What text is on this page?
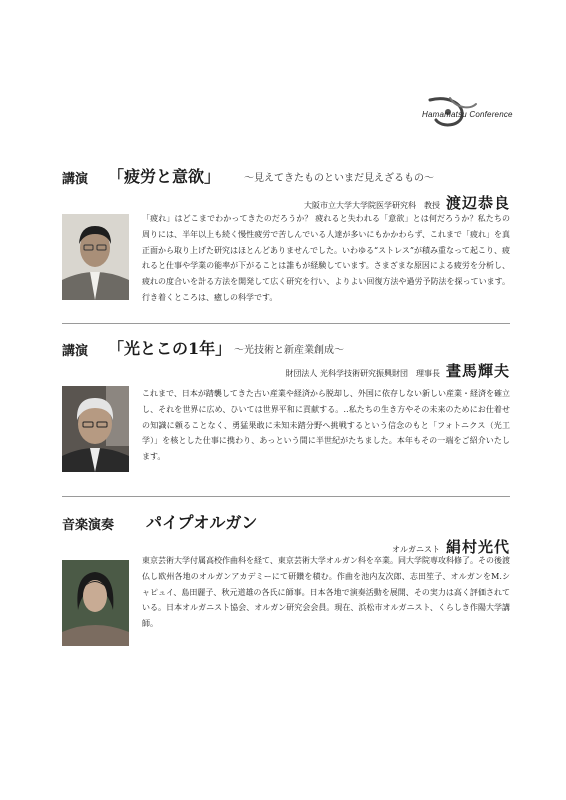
Hamamatsu Conference
講演 「疲労と意欲」 〜見えてきたものといまだ見えざるもの〜
大阪市立大学大学院医学研究科　教授 渡辺恭良
「疲れ」はどこまでわかってきたのだろうか？ 疲れると失われる「意欲」とは何だろうか？私たちの周りには、半年以上も続く慢性疲労で苦しんでいる人達が多いにもかかわらず、これまで「疲れ」を真正面から取り上げた研究はほとんどありませんでした。いわゆる“ストレス”が積み重なって起こり、疲れると仕事や学業の能率が下がることは誰もが経験しています。さまざまな原因による疲労を分析し、疲れの度合いを計る方法を開発して広く研究を行い、よりよい回復方法や過労予防法を探っています。行き着くところは、癒しの科学です。
講演 「光とこの1年」 〜光技術と新産業創成〜
財団法人 光科学技術研究振興財団　理事長 晝馬輝夫
これまで、日本が踏襲してきた古い産業や経済から脱却し、外国に依存しない新しい産業・経済を確立し、それを世界に広め、ひいては世界平和に貢献する。‥私たちの生き方やその未来のためにお仕着せの知識に頼ることなく、勇猛果敢に未知未踏分野へ挑戦するという信念のもと「フォトニクス（光工学）」を核とした仕事に携わり、あっという間に半世紀がたちました。本年もその一端をご紹介いたします。
音楽演奏 パイプオルガン
オルガニスト 絹村光代
東京芸術大学付属高校作曲科を経て、東京芸術大学オルガン科を卒業。同大学院専攻科修了。その後渡仏し欧州各地のオルガンアカデミーにて研鑽を積む。作曲を池内友次郎、志田笙子、オルガンをM.シャピュイ、島田麗子、秋元道雄の各氏に師事。日本各地で演奏活動を展開、その実力は高く評価されている。日本オルガニスト協会、オルガン研究会会員。現在、浜松市オルガニスト、くらしき作陽大学講師。
